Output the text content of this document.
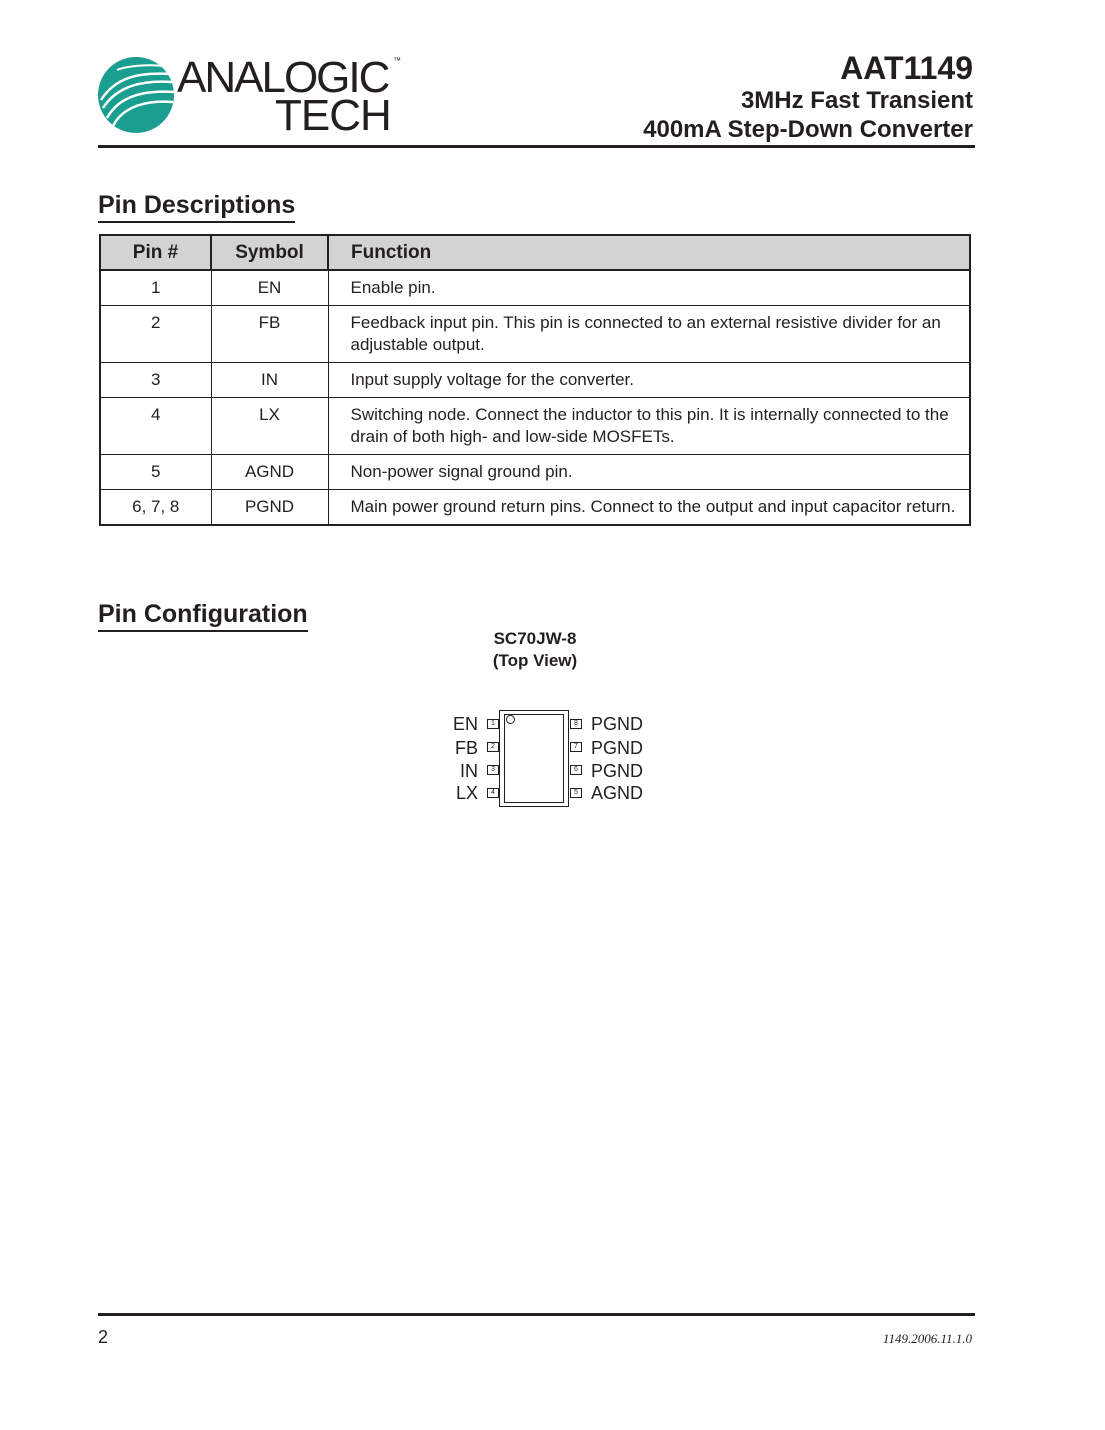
ANALOGIC ™
TECH
AAT1149
3MHz Fast Transient
400mA Step-Down Converter
Pin Descriptions
Pin #	Symbol	Function
1	EN	Enable pin.
2	FB	Feedback input pin. This pin is connected to an external resistive divider for an adjustable output.
3	IN	Input supply voltage for the converter.
4	LX	Switching node. Connect the inductor to this pin. It is internally connected to the drain of both high- and low-side MOSFETs.
5	AGND	Non-power signal ground pin.
6, 7, 8	PGND	Main power ground return pins. Connect to the output and input capacitor return.
Pin Configuration
SC70JW-8
(Top View)
EN	1
FB	2
IN	3
LX	4
8 PGND
7 PGND
6 PGND
5 AGND
2	1149.2006.11.1.0
